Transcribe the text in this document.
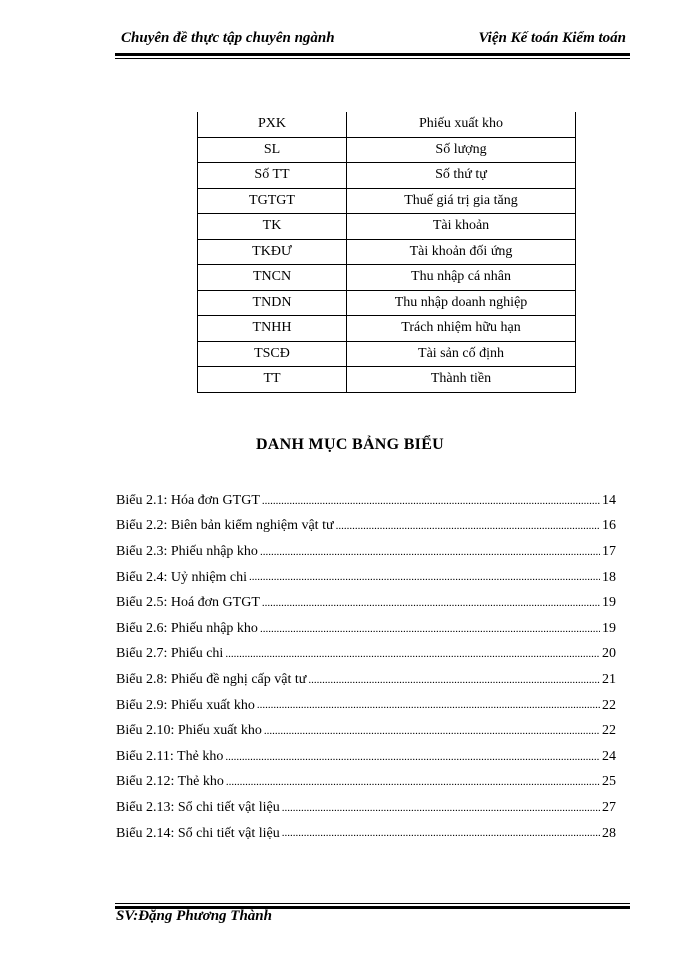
Chuyên đề thực tập chuyên ngành	Viện Kế toán Kiểm toán
PXK	Phiếu xuất kho
SL	Số lượng
Số TT	Số thứ tự
TGTGT	Thuế giá trị gia tăng
TK	Tài khoản
TKĐƯ	Tài khoản đối ứng
TNCN	Thu nhập cá nhân
TNDN	Thu nhập doanh nghiệp
TNHH	Trách nhiệm hữu hạn
TSCĐ	Tài sản cố định
TT	Thành tiền
DANH MỤC BẢNG BIỂU
Biểu 2.1: Hóa đơn GTGT .....	14
Biểu 2.2: Biên bản kiểm nghiệm vật tư .....	16
Biểu 2.3: Phiếu nhập kho .....	17
Biểu 2.4: Uỷ nhiệm chi .....	18
Biểu 2.5: Hoá đơn GTGT .....	19
Biểu 2.6: Phiếu nhập kho .....	19
Biểu 2.7: Phiếu chi .....	20
Biểu 2.8: Phiếu đề nghị cấp vật tư .....	21
Biểu 2.9: Phiếu xuất kho .....	22
Biểu 2.10: Phiếu xuất kho .....	22
Biểu 2.11: Thẻ kho .....	24
Biểu 2.12: Thẻ kho .....	25
Biểu 2.13: Sổ chi tiết vật liệu .....	27
Biểu 2.14: Sổ chi tiết vật liệu .....	28
SV:Đặng Phương Thành
